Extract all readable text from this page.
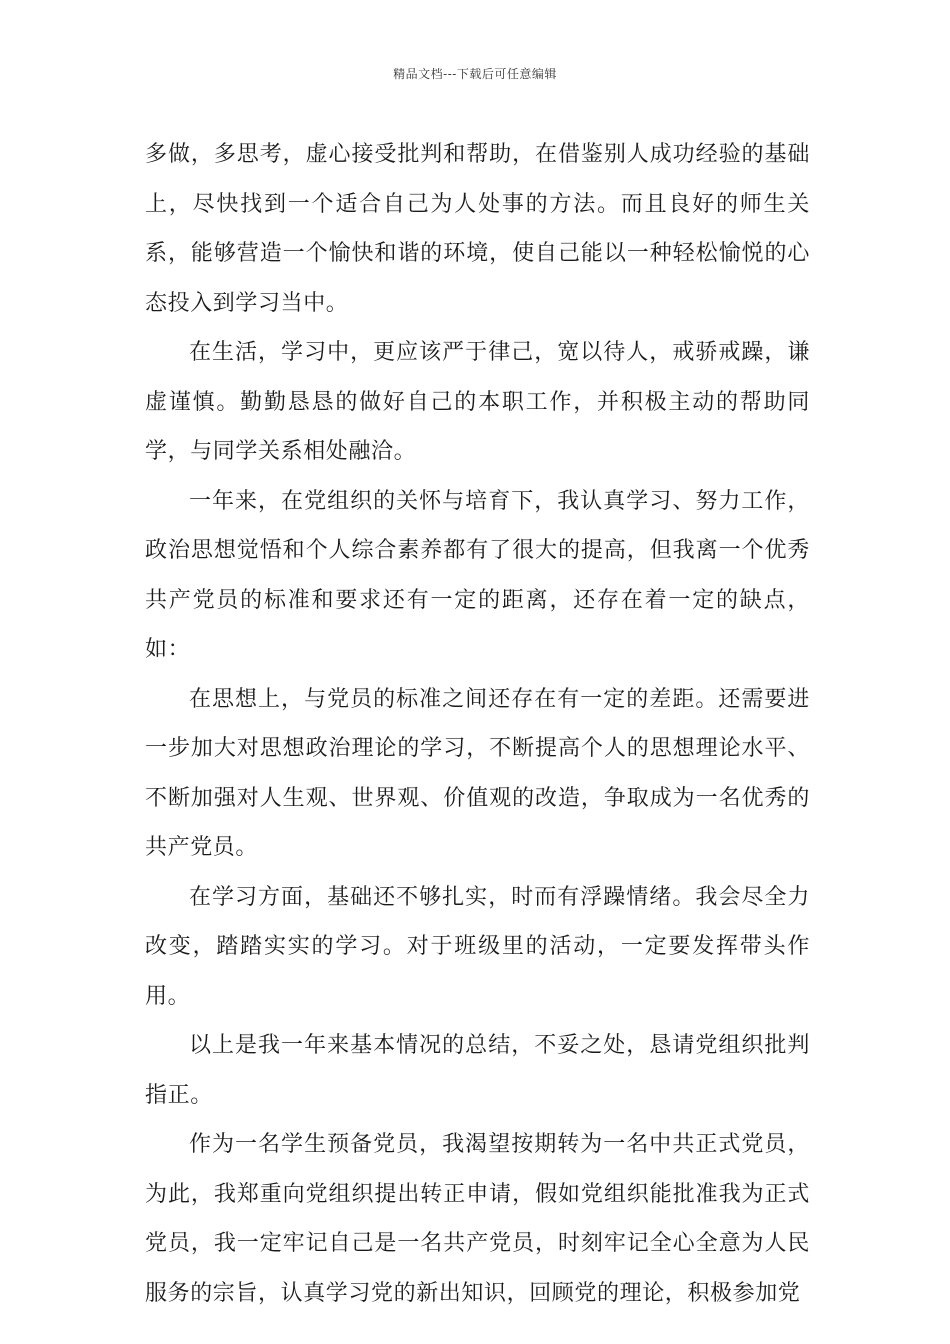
精品文档---下载后可任意编辑

多做，多思考，虚心接受批判和帮助，在借鉴别人成功经验的基础上，尽快找到一个适合自己为人处事的方法。而且良好的师生关系，能够营造一个愉快和谐的环境，使自己能以一种轻松愉悦的心态投入到学习当中。

在生活，学习中，更应该严于律己，宽以待人，戒骄戒躁，谦虚谨慎。勤勤恳恳的做好自己的本职工作，并积极主动的帮助同学，与同学关系相处融洽。

一年来，在党组织的关怀与培育下，我认真学习、努力工作，政治思想觉悟和个人综合素养都有了很大的提高，但我离一个优秀共产党员的标准和要求还有一定的距离，还存在着一定的缺点，如：

在思想上，与党员的标准之间还存在有一定的差距。还需要进一步加大对思想政治理论的学习，不断提高个人的思想理论水平、不断加强对人生观、世界观、价值观的改造，争取成为一名优秀的共产党员。

在学习方面，基础还不够扎实，时而有浮躁情绪。我会尽全力改变，踏踏实实的学习。对于班级里的活动，一定要发挥带头作用。

以上是我一年来基本情况的总结，不妥之处，恳请党组织批判指正。

作为一名学生预备党员，我渴望按期转为一名中共正式党员，为此，我郑重向党组织提出转正申请，假如党组织能批准我为正式党员，我一定牢记自己是一名共产党员，时刻牢记全心全意为人民服务的宗旨，认真学习党的新出知识，回顾党的理论，积极参加党
